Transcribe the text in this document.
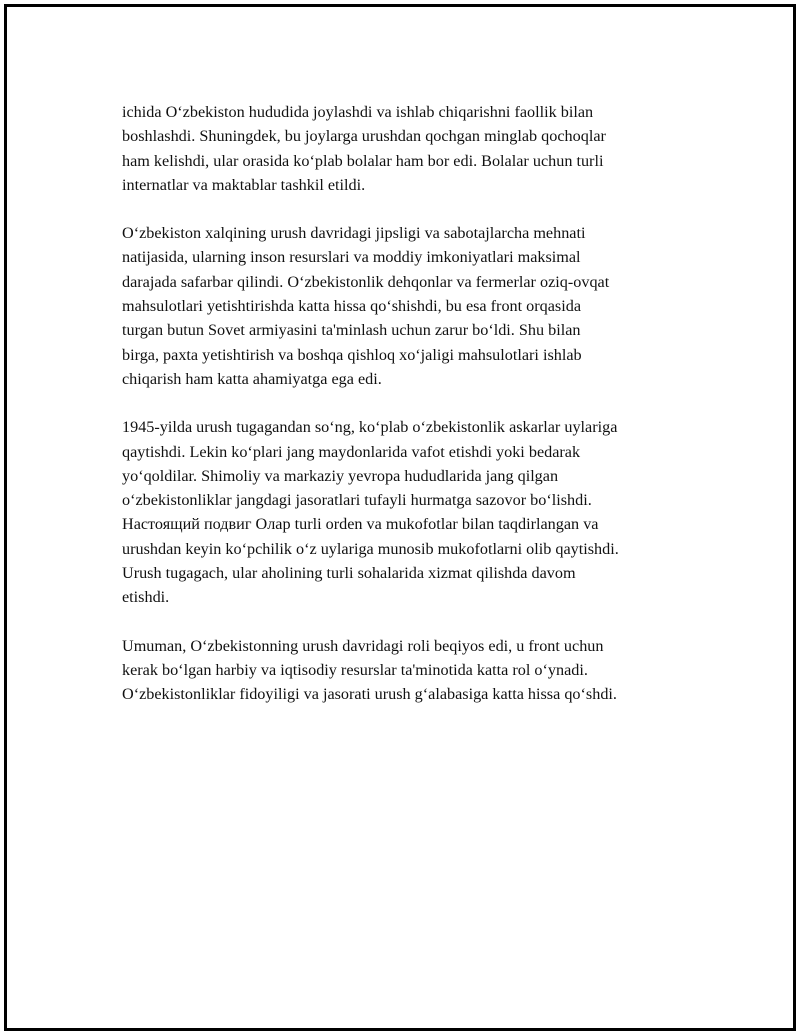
ichida O‘zbekiston hududida joylashdi va ishlab chiqarishni faollik bilan
boshlashdi. Shuningdek, bu joylarga urushdan qochgan minglab qochoqlar
ham kelishdi, ular orasida ko‘plab bolalar ham bor edi. Bolalar uchun turli
internatlar va maktablar tashkil etildi.

O‘zbekiston xalqining urush davridagi jipsligi va sabotajlarcha mehnati
natijasida, ularning inson resurslari va moddiy imkoniyatlari maksimal
darajada safarbar qilindi. O‘zbekistonlik dehqonlar va fermerlar oziq-ovqat
mahsulotlari yetishtirishda katta hissa qo‘shishdi, bu esa front orqasida
turgan butun Sovet armiyasini ta'minlash uchun zarur bo‘ldi. Shu bilan
birga, paxta yetishtirish va boshqa qishloq xo‘jaligi mahsulotlari ishlab
chiqarish ham katta ahamiyatga ega edi.

1945-yilda urush tugagandan so‘ng, ko‘plab o‘zbekistonlik askarlar uylariga
qaytishdi. Lekin ko‘plari jang maydonlarida vafot etishdi yoki bedarak
yo‘qoldilar. Shimoliy va markaziy yevropa hududlarida jang qilgan
o‘zbekistonliklar jangdagi jasoratlari tufayli hurmatga sazovor bo‘lishdi.
Настоящий подвиг Олар turli orden va mukofotlar bilan taqdirlangan va
urushdan keyin ko‘pchilik o‘z uylariga munosib mukofotlarni olib qaytishdi.
Urush tugagach, ular aholining turli sohalarida xizmat qilishda davom
etishdi.

Umuman, O‘zbekistonning urush davridagi roli beqiyos edi, u front uchun
kerak bo‘lgan harbiy va iqtisodiy resurslar ta'minotida katta rol o‘ynadi.
O‘zbekistonliklar fidoyiligi va jasorati urush g‘alabasiga katta hissa qo‘shdi.
